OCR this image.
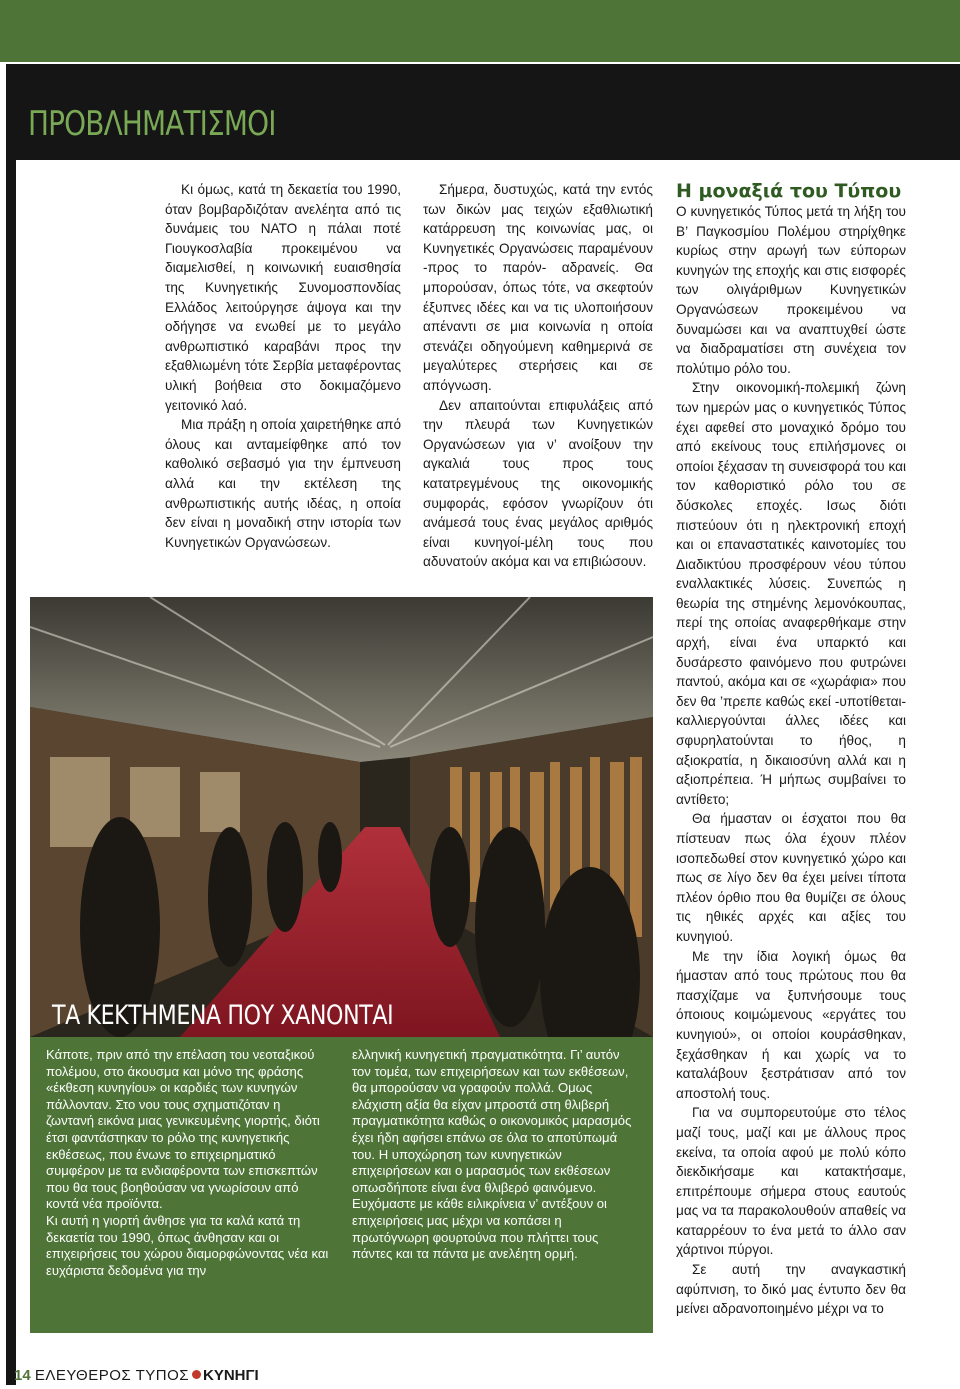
ΠΡΟΒΛΗΜΑΤΙΣΜΟΙ

Κι όμως, κατά τη δεκαετία του 1990, όταν βομβαρδιζόταν ανελέητα από τις δυνάμεις του ΝΑΤΟ η πάλαι ποτέ Γιουγκοσλαβία προκειμένου να διαμελισθεί, η κοινωνική ευαισθησία της Κυνηγετικής Συνομοσπονδίας Ελλάδος λειτούργησε άψογα και την οδήγησε να ενωθεί με το μεγάλο ανθρωπιστικό καραβάνι προς την εξαθλιωμένη τότε Σερβία μεταφέροντας υλική βοήθεια στο δοκιμαζόμενο γειτονικό λαό.

Μια πράξη η οποία χαιρετήθηκε από όλους και ανταμείφθηκε από τον καθολικό σεβασμό για την έμπνευση αλλά και την εκτέλεση της ανθρωπιστικής αυτής ιδέας, η οποία δεν είναι η μοναδική στην ιστορία των Κυνηγετικών Οργανώσεων.

Σήμερα, δυστυχώς, κατά την εντός των δικών μας τειχών εξαθλιωτική κατάρρευση της κοινωνίας μας, οι Κυνηγετικές Οργανώσεις παραμένουν -προς το παρόν- αδρανείς. Θα μπορούσαν, όπως τότε, να σκεφτούν έξυπνες ιδέες και να τις υλοποιήσουν απέναντι σε μια κοινωνία η οποία στενάζει οδηγούμενη καθημερινά σε μεγαλύτερες στερήσεις και σε απόγνωση.

Δεν απαιτούνται επιφυλάξεις από την πλευρά των Κυνηγετικών Οργανώσεων για ν’ ανοίξουν την αγκαλιά τους προς τους κατατρεγμένους της οικονομικής συμφοράς, εφόσον γνωρίζουν ότι ανάμεσά τους ένας μεγάλος αριθμός είναι κυνηγοί-μέλη τους που αδυνατούν ακόμα και να επιβιώσουν.

Η μοναξιά του Τύπου

Ο κυνηγετικός Τύπος μετά τη λήξη του Β’ Παγκοσμίου Πολέμου στηρίχθηκε κυρίως στην αρωγή των εύπορων κυνηγών της εποχής και στις εισφορές των ολιγάριθμων Κυνηγετικών Οργανώσεων προκειμένου να δυναμώσει και να αναπτυχθεί ώστε να διαδραματίσει στη συνέχεια τον πολύτιμο ρόλο του.

Στην οικονομική-πολεμική ζώνη των ημερών μας ο κυνηγετικός Τύπος έχει αφεθεί στο μοναχικό δρόμο του από εκείνους τους επιλήσμονες οι οποίοι ξέχασαν τη συνεισφορά του και τον καθοριστικό ρόλο του σε δύσκολες εποχές. Ισως διότι πιστεύουν ότι η ηλεκτρονική εποχή και οι επαναστατικές καινοτομίες του Διαδικτύου προσφέρουν νέου τύπου εναλλακτικές λύσεις. Συνεπώς η θεωρία της στημένης λεμονόκουπας, περί της οποίας αναφερθήκαμε στην αρχή, είναι ένα υπαρκτό και δυσάρεστο φαινόμενο που φυτρώνει παντού, ακόμα και σε «χωράφια» που δεν θα ’πρεπε καθώς εκεί -υποτίθεται- καλλιεργούνται άλλες ιδέες και σφυρηλατούνται το ήθος, η αξιοκρατία, η δικαιοσύνη αλλά και η αξιοπρέπεια. Ή μήπως συμβαίνει το αντίθετο;

Θα ήμασταν οι έσχατοι που θα πίστευαν πως όλα έχουν πλέον ισοπεδωθεί στον κυνηγετικό χώρο και πως σε λίγο δεν θα έχει μείνει τίποτα πλέον όρθιο που θα θυμίζει σε όλους τις ηθικές αρχές και αξίες του κυνηγιού.

Με την ίδια λογική όμως θα ήμασταν από τους πρώτους που θα πασχίζαμε να ξυπνήσουμε τους όποιους κοιμώμενους «εργάτες του κυνηγιού», οι οποίοι κουράσθηκαν, ξεχάσθηκαν ή και χωρίς να το καταλάβουν ξεστράτισαν από τον αποστολή τους.

Για να συμπορευτούμε στο τέλος μαζί τους, μαζί και με άλλους προς εκείνα, τα οποία αφού με πολύ κόπο διεκδικήσαμε και κατακτήσαμε, επιτρέπουμε σήμερα στους εαυτούς μας να τα παρακολουθούν απαθείς να καταρρέουν το ένα μετά το άλλο σαν χάρτινοι πύργοι.

Σε αυτή την αναγκαστική αφύπνιση, το δικό μας έντυπο δεν θα μείνει αδρανοποιημένο μέχρι να το

ΤΑ ΚΕΚΤΗΜΕΝΑ ΠΟΥ ΧΑΝΟΝΤΑΙ

Κάποτε, πριν από την επέλαση του νεοταξικού πολέμου, στο άκουσμα και μόνο της φράσης «έκθεση κυνηγίου» οι καρδιές των κυνηγών πάλλονταν. Στο νου τους σχηματιζόταν η ζωντανή εικόνα μιας γενικευμένης γιορτής, διότι έτσι φαντάστηκαν το ρόλο της κυνηγετικής εκθέσεως, που ένωνε το επιχειρηματικό συμφέρον με τα ενδιαφέροντα των επισκεπτών που θα τους βοηθούσαν να γνωρίσουν από κοντά νέα προϊόντα.

Κι αυτή η γιορτή άνθησε για τα καλά κατά τη δεκαετία του 1990, όπως άνθησαν και οι επιχειρήσεις του χώρου διαμορφώνοντας νέα και ευχάριστα δεδομένα για την

ελληνική κυνηγετική πραγματικότητα. Γι’ αυτόν τον τομέα, των επιχειρήσεων και των εκθέσεων, θα μπορούσαν να γραφούν πολλά. Ομως ελάχιστη αξία θα είχαν μπροστά στη θλιβερή πραγματικότητα καθώς ο οικονομικός μαρασμός έχει ήδη αφήσει επάνω σε όλα το αποτύπωμά του. Η υποχώρηση των κυνηγετικών επιχειρήσεων και ο μαρασμός των εκθέσεων οπωσδήποτε είναι ένα θλιβερό φαινόμενο. Ευχόμαστε με κάθε ειλικρίνεια ν’ αντέξουν οι επιχειρήσεις μας μέχρι να κοπάσει η πρωτόγνωρη φουρτούνα που πλήττει τους πάντες και τα πάντα με ανελέητη ορμή.

14 ΕΛΕΥΘΕΡΟΣ ΤΥΠΟΣ ΚΥΝΗΓΙ
